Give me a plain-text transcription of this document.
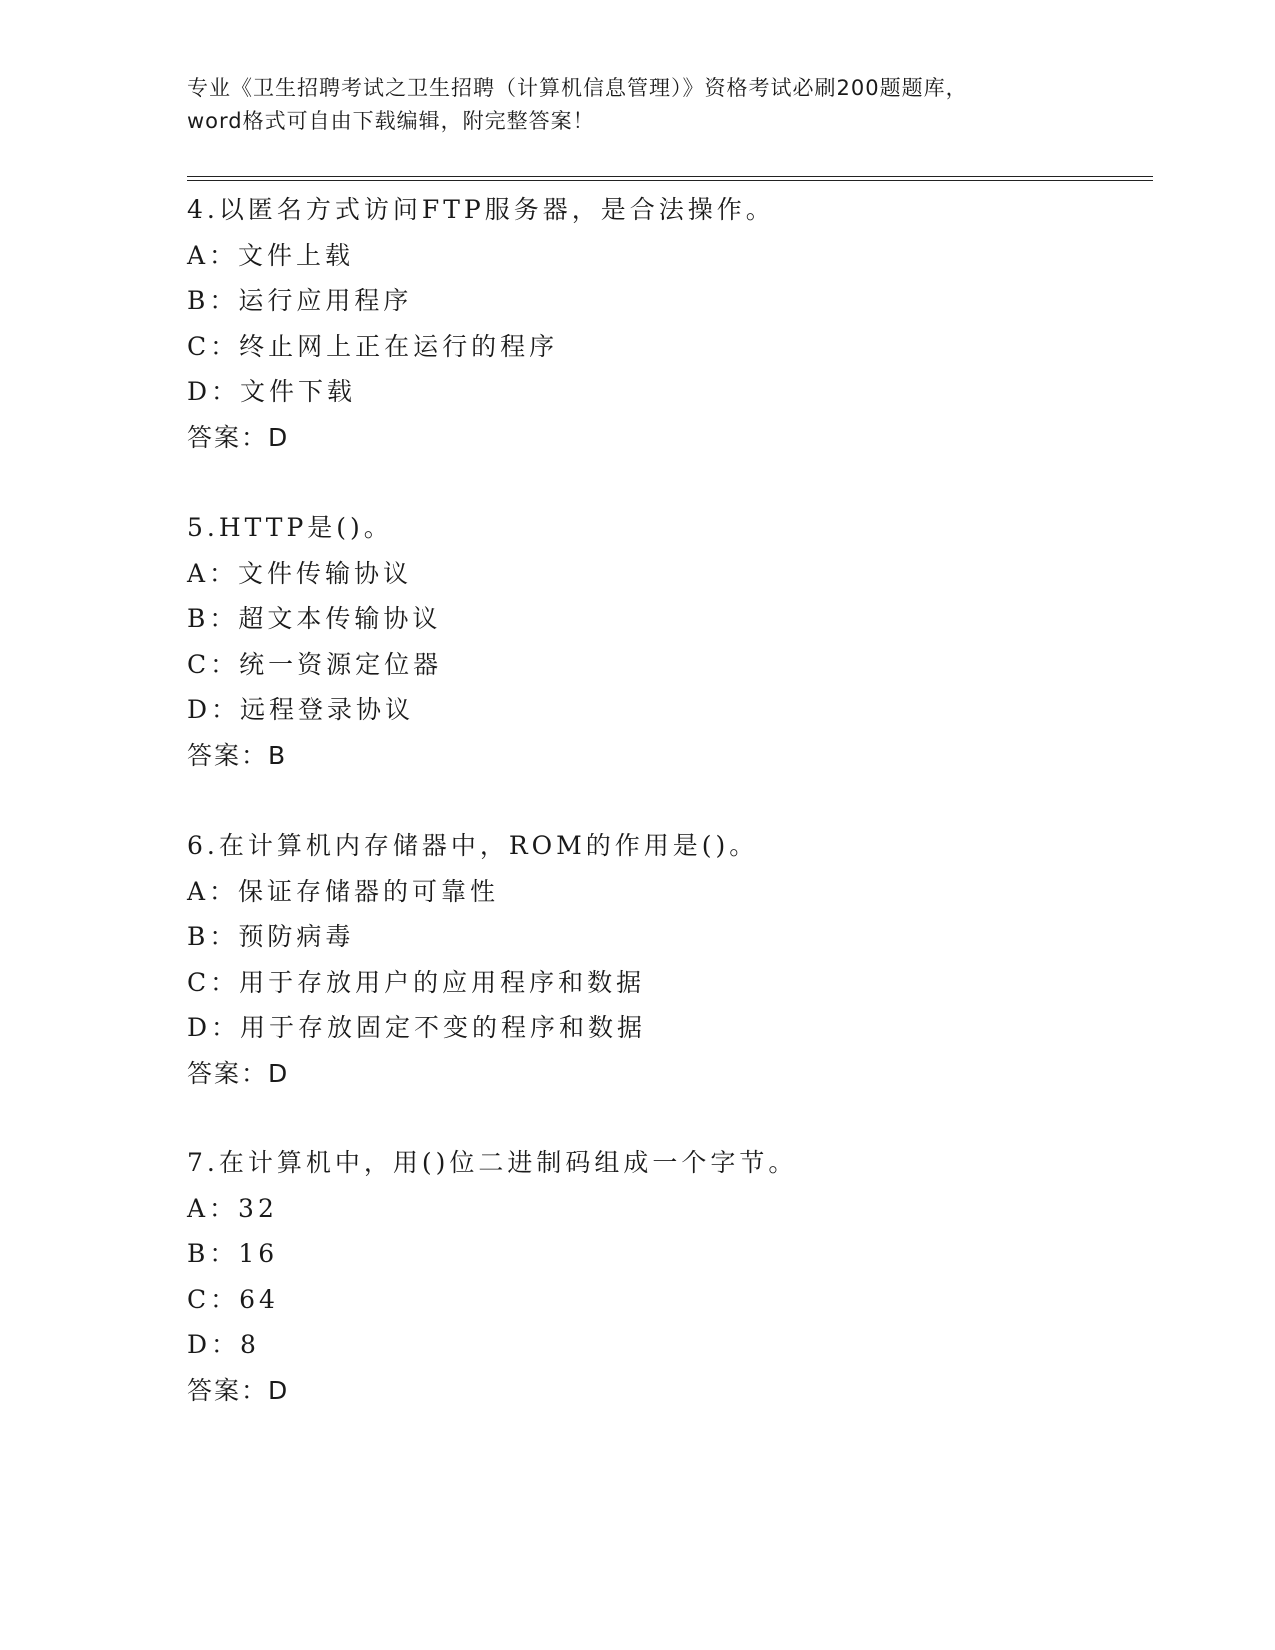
专业《卫生招聘考试之卫生招聘（计算机信息管理）》资格考试必刷200题题库，
word格式可自由下载编辑，附完整答案！
4.以匿名方式访问FTP服务器，是合法操作。
A：文件上载
B：运行应用程序
C：终止网上正在运行的程序
D：文件下载
答案：D
5.HTTP是()。
A：文件传输协议
B：超文本传输协议
C：统一资源定位器
D：远程登录协议
答案：B
6.在计算机内存储器中，ROM的作用是()。
A：保证存储器的可靠性
B：预防病毒
C：用于存放用户的应用程序和数据
D：用于存放固定不变的程序和数据
答案：D
7.在计算机中，用()位二进制码组成一个字节。
A：32
B：16
C：64
D：8
答案：D
